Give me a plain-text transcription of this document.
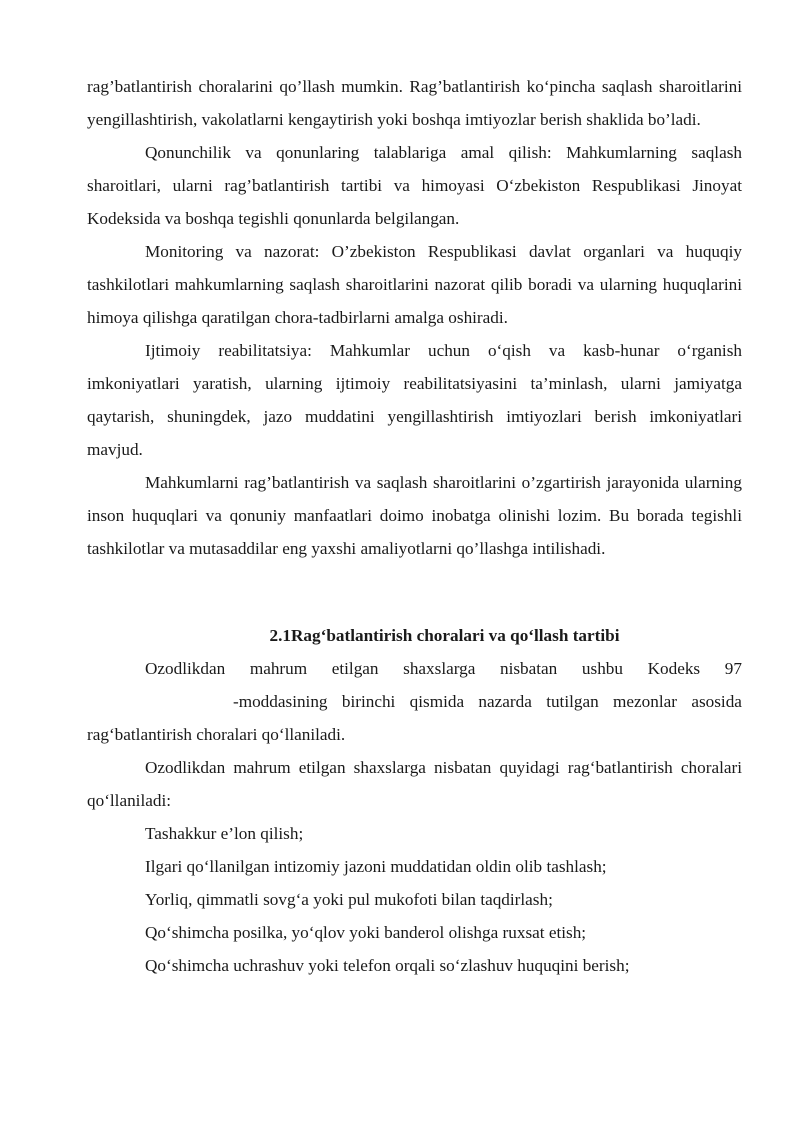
rag’batlantirish choralarini qo’llash mumkin. Rag’batlantirish ko‘pincha saqlash sharoitlarini yengillashtirish, vakolatlarni kengaytirish yoki boshqa imtiyozlar berish shaklida bo’ladi.

Qonunchilik va qonunlaring talablariga amal qilish: Mahkumlarning saqlash sharoitlari, ularni rag’batlantirish tartibi va himoyasi O‘zbekiston Respublikasi Jinoyat Kodeksida va boshqa tegishli qonunlarda belgilangan.

Monitoring va nazorat: O’zbekiston Respublikasi davlat organlari va huquqiy tashkilotlari mahkumlarning saqlash sharoitlarini nazorat qilib boradi va ularning huquqlarini himoya qilishga qaratilgan chora-tadbirlarni amalga oshiradi.

Ijtimoiy reabilitatsiya: Mahkumlar uchun o‘qish va kasb-hunar o‘rganish imkoniyatlari yaratish, ularning ijtimoiy reabilitatsiyasini ta’minlash, ularni jamiyatga qaytarish, shuningdek, jazo muddatini yengillashtirish imtiyozlari berish imkoniyatlari mavjud.

Mahkumlarni rag’batlantirish va saqlash sharoitlarini o’zgartirish jarayonida ularning inson huquqlari va qonuniy manfaatlari doimo inobatga olinishi lozim. Bu borada tegishli tashkilotlar va mutasaddilar eng yaxshi amaliyotlarni qo’llashga intilishadi.

2.1Rag‘batlantirish choralari va qo‘llash tartibi
Ozodlikdan mahrum etilgan shaxslarga nisbatan ushbu Kodeks 97
-moddasining birinchi qismida nazarda tutilgan mezonlar asosida

rag‘batlantirish choralari qo‘llaniladi.

Ozodlikdan mahrum etilgan shaxslarga nisbatan quyidagi rag‘batlantirish choralari qo‘llaniladi:

Tashakkur e’lon qilish;

Ilgari qo‘llanilgan intizomiy jazoni muddatidan oldin olib tashlash;

Yorliq, qimmatli sovg‘a yoki pul mukofoti bilan taqdirlash;

Qo‘shimcha posilka, yo‘qlov yoki banderol olishga ruxsat etish;

Qo‘shimcha uchrashuv yoki telefon orqali so‘zlashuv huquqini berish;
